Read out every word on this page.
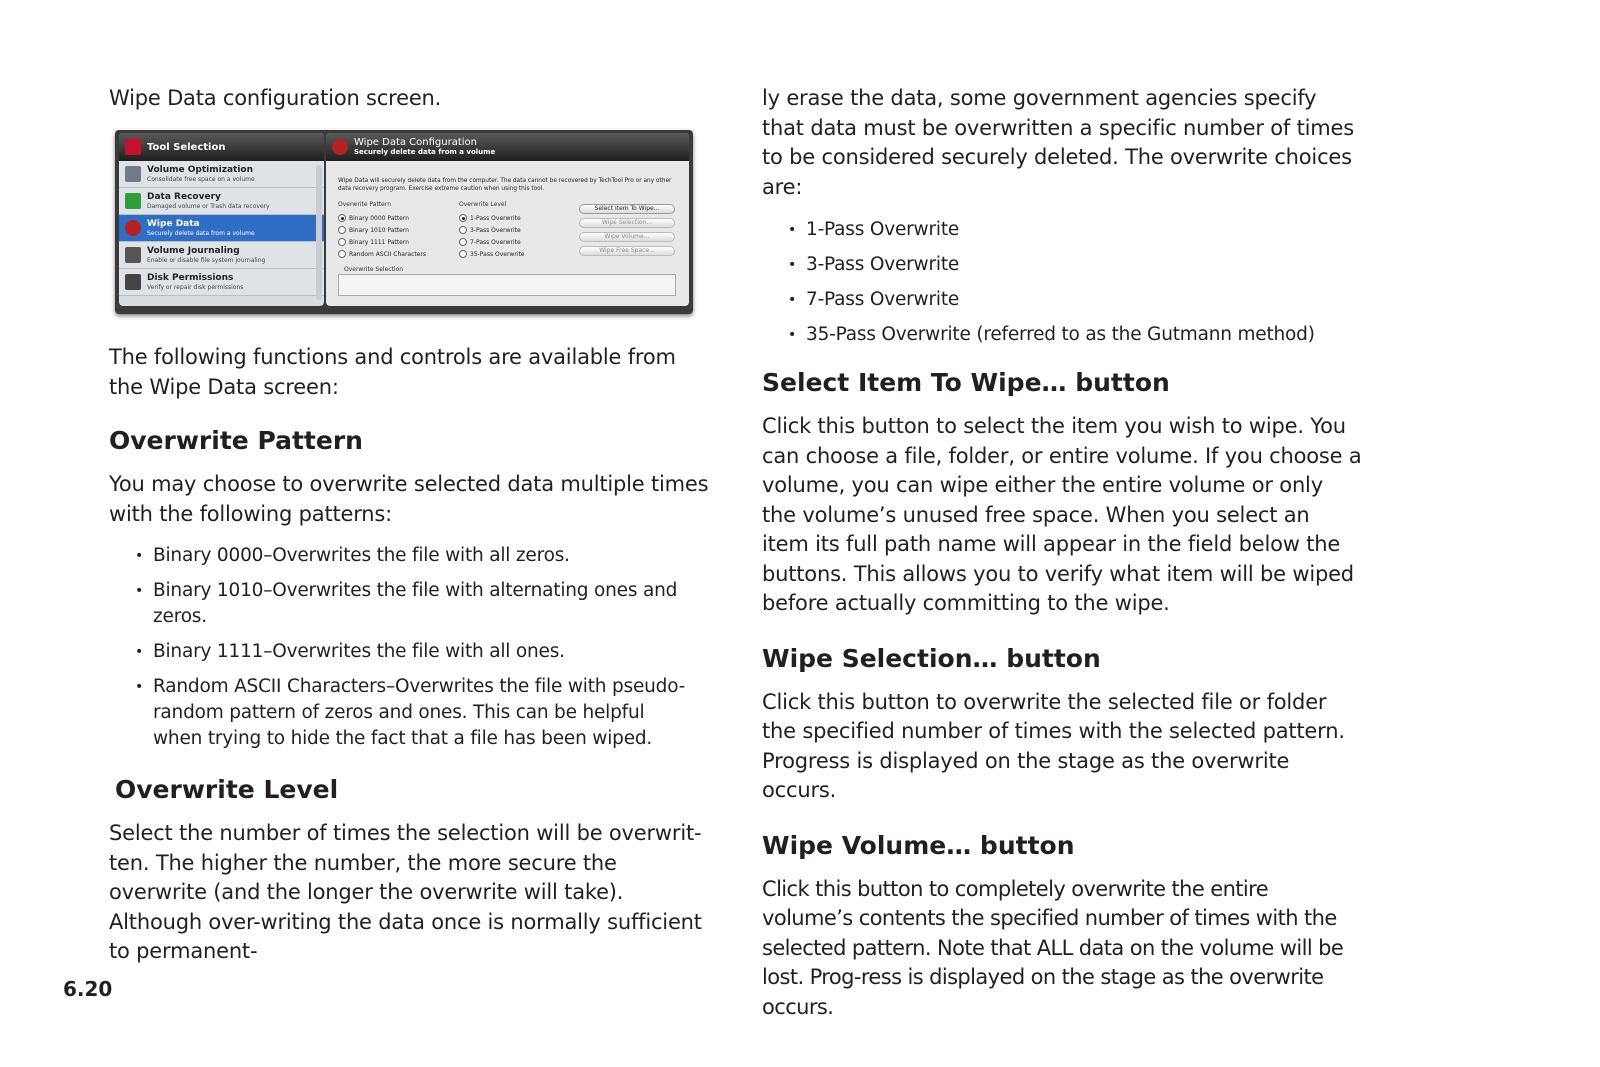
Wipe Data configuration screen.

Tool Selection
Volume Optimization
Consolidate free space on a volume
Data Recovery
Damaged volume or Trash data recovery
Wipe Data
Securely delete data from a volume
Volume Journaling
Enable or disable file system journaling
Disk Permissions
Verify or repair disk permissions
Wipe Data Configuration
Securely delete data from a volume
Wipe Data will securely delete data from the computer. The data cannot be recovered by TechTool Pro or any other data recovery program. Exercise extreme caution when using this tool.
Overwrite Pattern
Binary 0000 Pattern
Binary 1010 Pattern
Binary 1111 Pattern
Random ASCII Characters
Overwrite Level
1-Pass Overwrite
3-Pass Overwrite
7-Pass Overwrite
35-Pass Overwrite
Select Item To Wipe...
Wipe Selection...
Wipe Volume...
Wipe Free Space...
Overwrite Selection

The following functions and controls are available from the Wipe Data screen:

Overwrite Pattern

You may choose to overwrite selected data multiple times with the following patterns:

• Binary 0000–Overwrites the file with all zeros.
• Binary 1010–Overwrites the file with alternating ones and zeros.
• Binary 1111–Overwrites the file with all ones.
• Random ASCII Characters–Overwrites the file with pseudo-random pattern of zeros and ones. This can be helpful when trying to hide the fact that a file has been wiped.
Overwrite Level

Select the number of times the selection will be overwrit-ten. The higher the number, the more secure the overwrite (and the longer the overwrite will take). Although over-writing the data once is normally sufficient to permanent-

ly erase the data, some government agencies specify that data must be overwritten a specific number of times to be considered securely deleted. The overwrite choices are:

• 1-Pass Overwrite
• 3-Pass Overwrite
• 7-Pass Overwrite
• 35-Pass Overwrite (referred to as the Gutmann method)
Select Item To Wipe… button

Click this button to select the item you wish to wipe. You can choose a file, folder, or entire volume. If you choose a volume, you can wipe either the entire volume or only the volume’s unused free space. When you select an item its full path name will appear in the field below the buttons. This allows you to verify what item will be wiped before actually committing to the wipe.

Wipe Selection… button

Click this button to overwrite the selected file or folder the specified number of times with the selected pattern. Progress is displayed on the stage as the overwrite occurs.

Wipe Volume… button

Click this button to completely overwrite the entire volume’s contents the specified number of times with the selected pattern. Note that ALL data on the volume will be lost. Prog-ress is displayed on the stage as the overwrite occurs.

6.20
